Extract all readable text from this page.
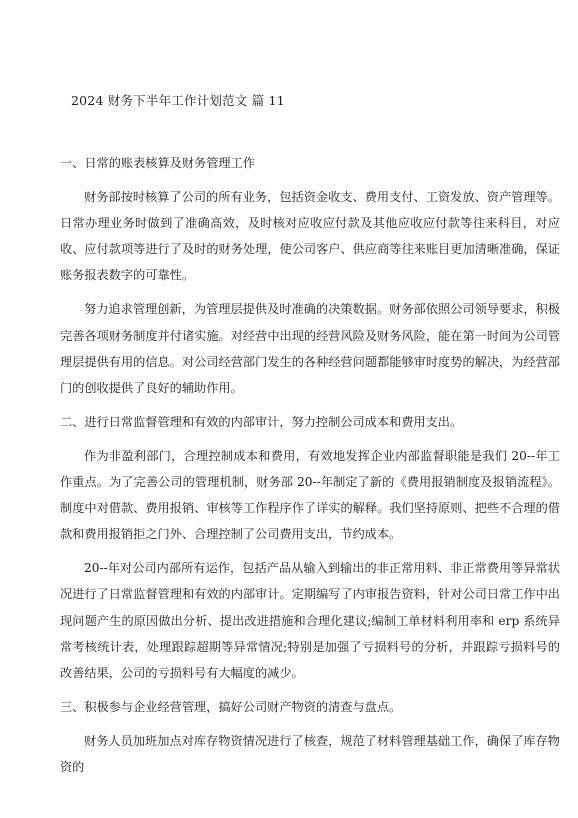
2024 财务下半年工作计划范文 篇 11

一、日常的账表核算及财务管理工作

财务部按时核算了公司的所有业务，包括资金收支、费用支付、工资发放、资产管理等。日常办理业务时做到了准确高效，及时核对应收应付款及其他应收应付款等往来科目，对应收、应付款项等进行了及时的财务处理，使公司客户、供应商等往来账目更加清晰准确，保证账务报表数字的可靠性。

努力追求管理创新，为管理层提供及时准确的决策数据。财务部依照公司领导要求，积极完善各项财务制度并付诸实施。对经营中出现的经营风险及财务风险，能在第一时间为公司管理层提供有用的信息。对公司经营部门发生的各种经营问题都能够审时度势的解决，为经营部门的创收提供了良好的辅助作用。

二、进行日常监督管理和有效的内部审计，努力控制公司成本和费用支出。

作为非盈利部门，合理控制成本和费用，有效地发挥企业内部监督职能是我们 20--年工作重点。为了完善公司的管理机制，财务部 20--年制定了新的《费用报销制度及报销流程》。制度中对借款、费用报销、审核等工作程序作了详实的解释。我们坚持原则、把些不合理的借款和费用报销拒之门外、合理控制了公司费用支出，节约成本。

20--年对公司内部所有运作，包括产品从输入到输出的非正常用料、非正常费用等异常状况进行了日常监督管理和有效的内部审计。定期编写了内审报告资料，针对公司日常工作中出现问题产生的原因做出分析、提出改进措施和合理化建议;编制工单材料利用率和 erp 系统异常考核统计表，处理跟踪超期等异常情况;特别是加强了亏损料号的分析，并跟踪亏损料号的改善结果，公司的亏损料号有大幅度的减少。

三、积极参与企业经营管理，搞好公司财产物资的清查与盘点。

财务人员加班加点对库存物资情况进行了核查，规范了材料管理基础工作，确保了库存物资的
